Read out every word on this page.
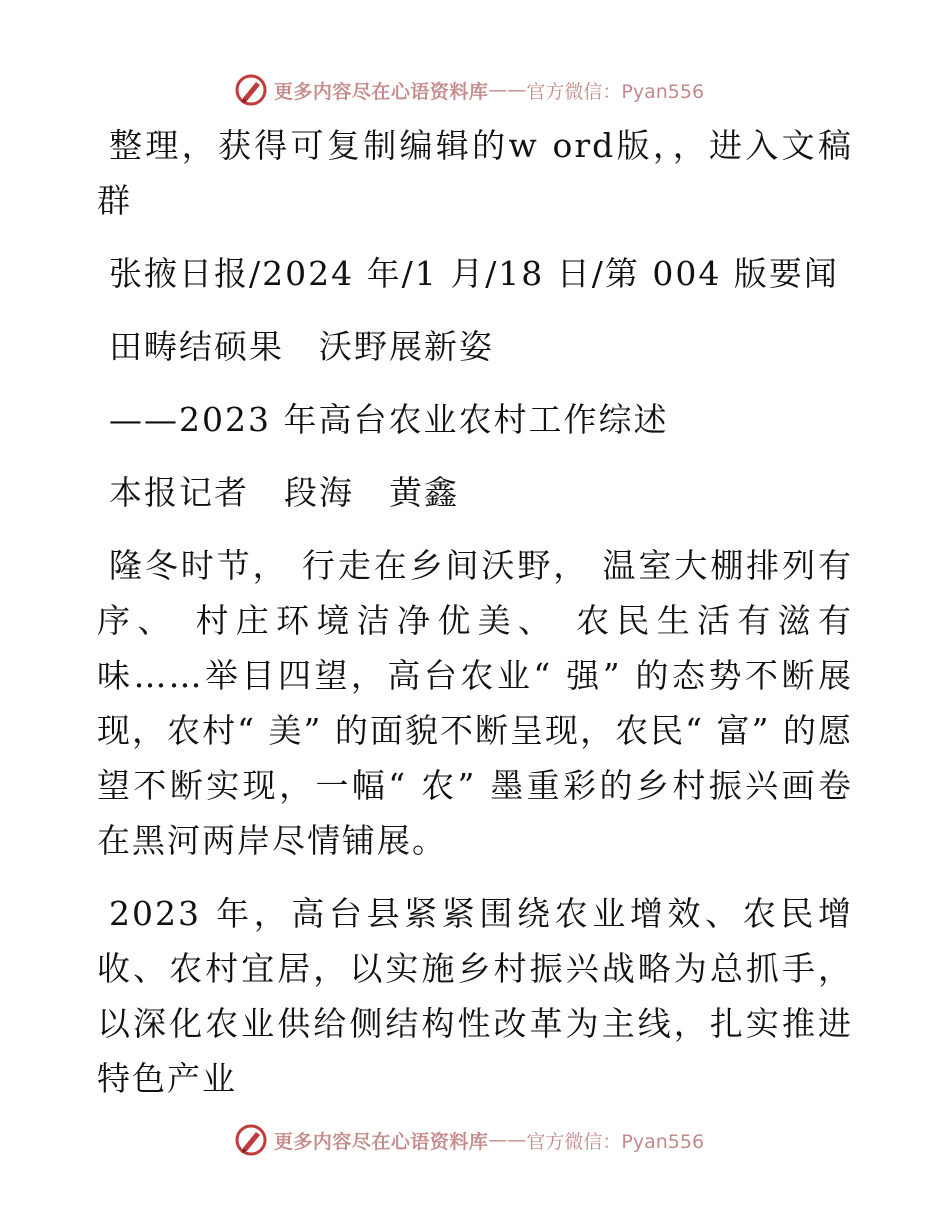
更多内容尽在心语资料库 —— 官方微信：Pyan556

整理，获得可复制编辑的w ord版，，进入文稿群

张掖日报/2024 年/1 月/18 日/第 004 版要闻

田畴结硕果　沃野展新姿

——2023 年高台农业农村工作综述

本报记者　段海　黄鑫

隆冬时节， 行走在乡间沃野， 温室大棚排列有序、 村庄环境洁净优美、 农民生活有滋有味……举目四望，高台农业“ 强” 的态势不断展现，农村“ 美” 的面貌不断呈现，农民“ 富” 的愿望不断实现，一幅“ 农” 墨重彩的乡村振兴画卷在黑河两岸尽情铺展。

2023 年，高台县紧紧围绕农业增效、农民增收、农村宜居，以实施乡村振兴战略为总抓手，以深化农业供给侧结构性改革为主线，扎实推进特色产业

更多内容尽在心语资料库 —— 官方微信：Pyan556
